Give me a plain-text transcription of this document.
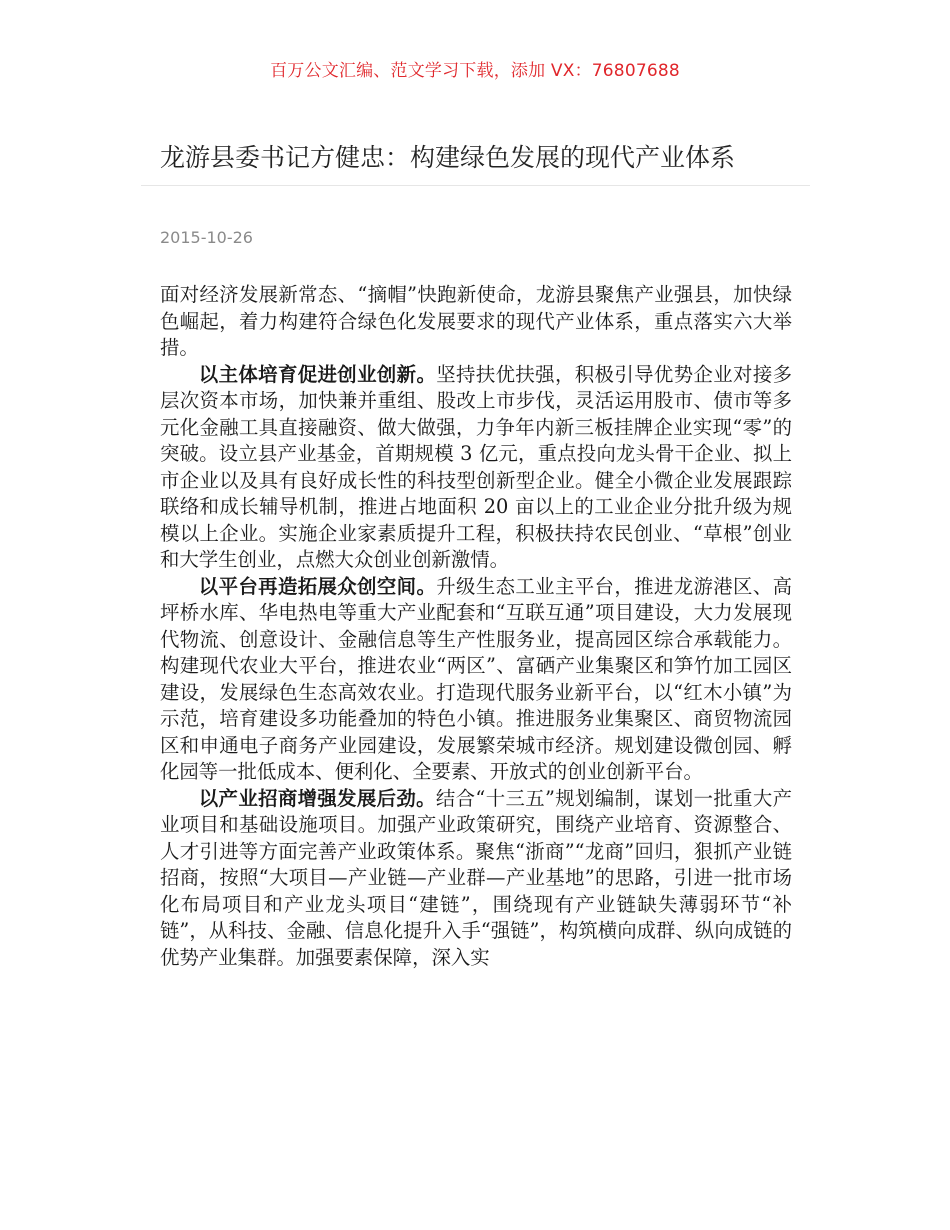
百万公文汇编、范文学习下载，添加 VX：76807688
龙游县委书记方健忠：构建绿色发展的现代产业体系
2015-10-26

面对经济发展新常态、“摘帽”快跑新使命，龙游县聚焦产业强县，加快绿色崛起，着力构建符合绿色化发展要求的现代产业体系，重点落实六大举措。

以主体培育促进创业创新。坚持扶优扶强，积极引导优势企业对接多层次资本市场，加快兼并重组、股改上市步伐，灵活运用股市、债市等多元化金融工具直接融资、做大做强，力争年内新三板挂牌企业实现“零”的突破。设立县产业基金，首期规模 3 亿元，重点投向龙头骨干企业、拟上市企业以及具有良好成长性的科技型创新型企业。健全小微企业发展跟踪联络和成长辅导机制，推进占地面积 20 亩以上的工业企业分批升级为规模以上企业。实施企业家素质提升工程，积极扶持农民创业、“草根”创业和大学生创业，点燃大众创业创新激情。

以平台再造拓展众创空间。升级生态工业主平台，推进龙游港区、高坪桥水库、华电热电等重大产业配套和“互联互通”项目建设，大力发展现代物流、创意设计、金融信息等生产性服务业，提高园区综合承载能力。构建现代农业大平台，推进农业“两区”、富硒产业集聚区和笋竹加工园区建设，发展绿色生态高效农业。打造现代服务业新平台，以“红木小镇”为示范，培育建设多功能叠加的特色小镇。推进服务业集聚区、商贸物流园区和申通电子商务产业园建设，发展繁荣城市经济。规划建设微创园、孵化园等一批低成本、便利化、全要素、开放式的创业创新平台。

以产业招商增强发展后劲。结合“十三五”规划编制，谋划一批重大产业项目和基础设施项目。加强产业政策研究，围绕产业培育、资源整合、人才引进等方面完善产业政策体系。聚焦“浙商”“龙商”回归，狠抓产业链招商，按照“大项目—产业链—产业群—产业基地”的思路，引进一批市场化布局项目和产业龙头项目“建链”，围绕现有产业链缺失薄弱环节“补链”，从科技、金融、信息化提升入手“强链”，构筑横向成群、纵向成链的优势产业集群。加强要素保障，深入实
